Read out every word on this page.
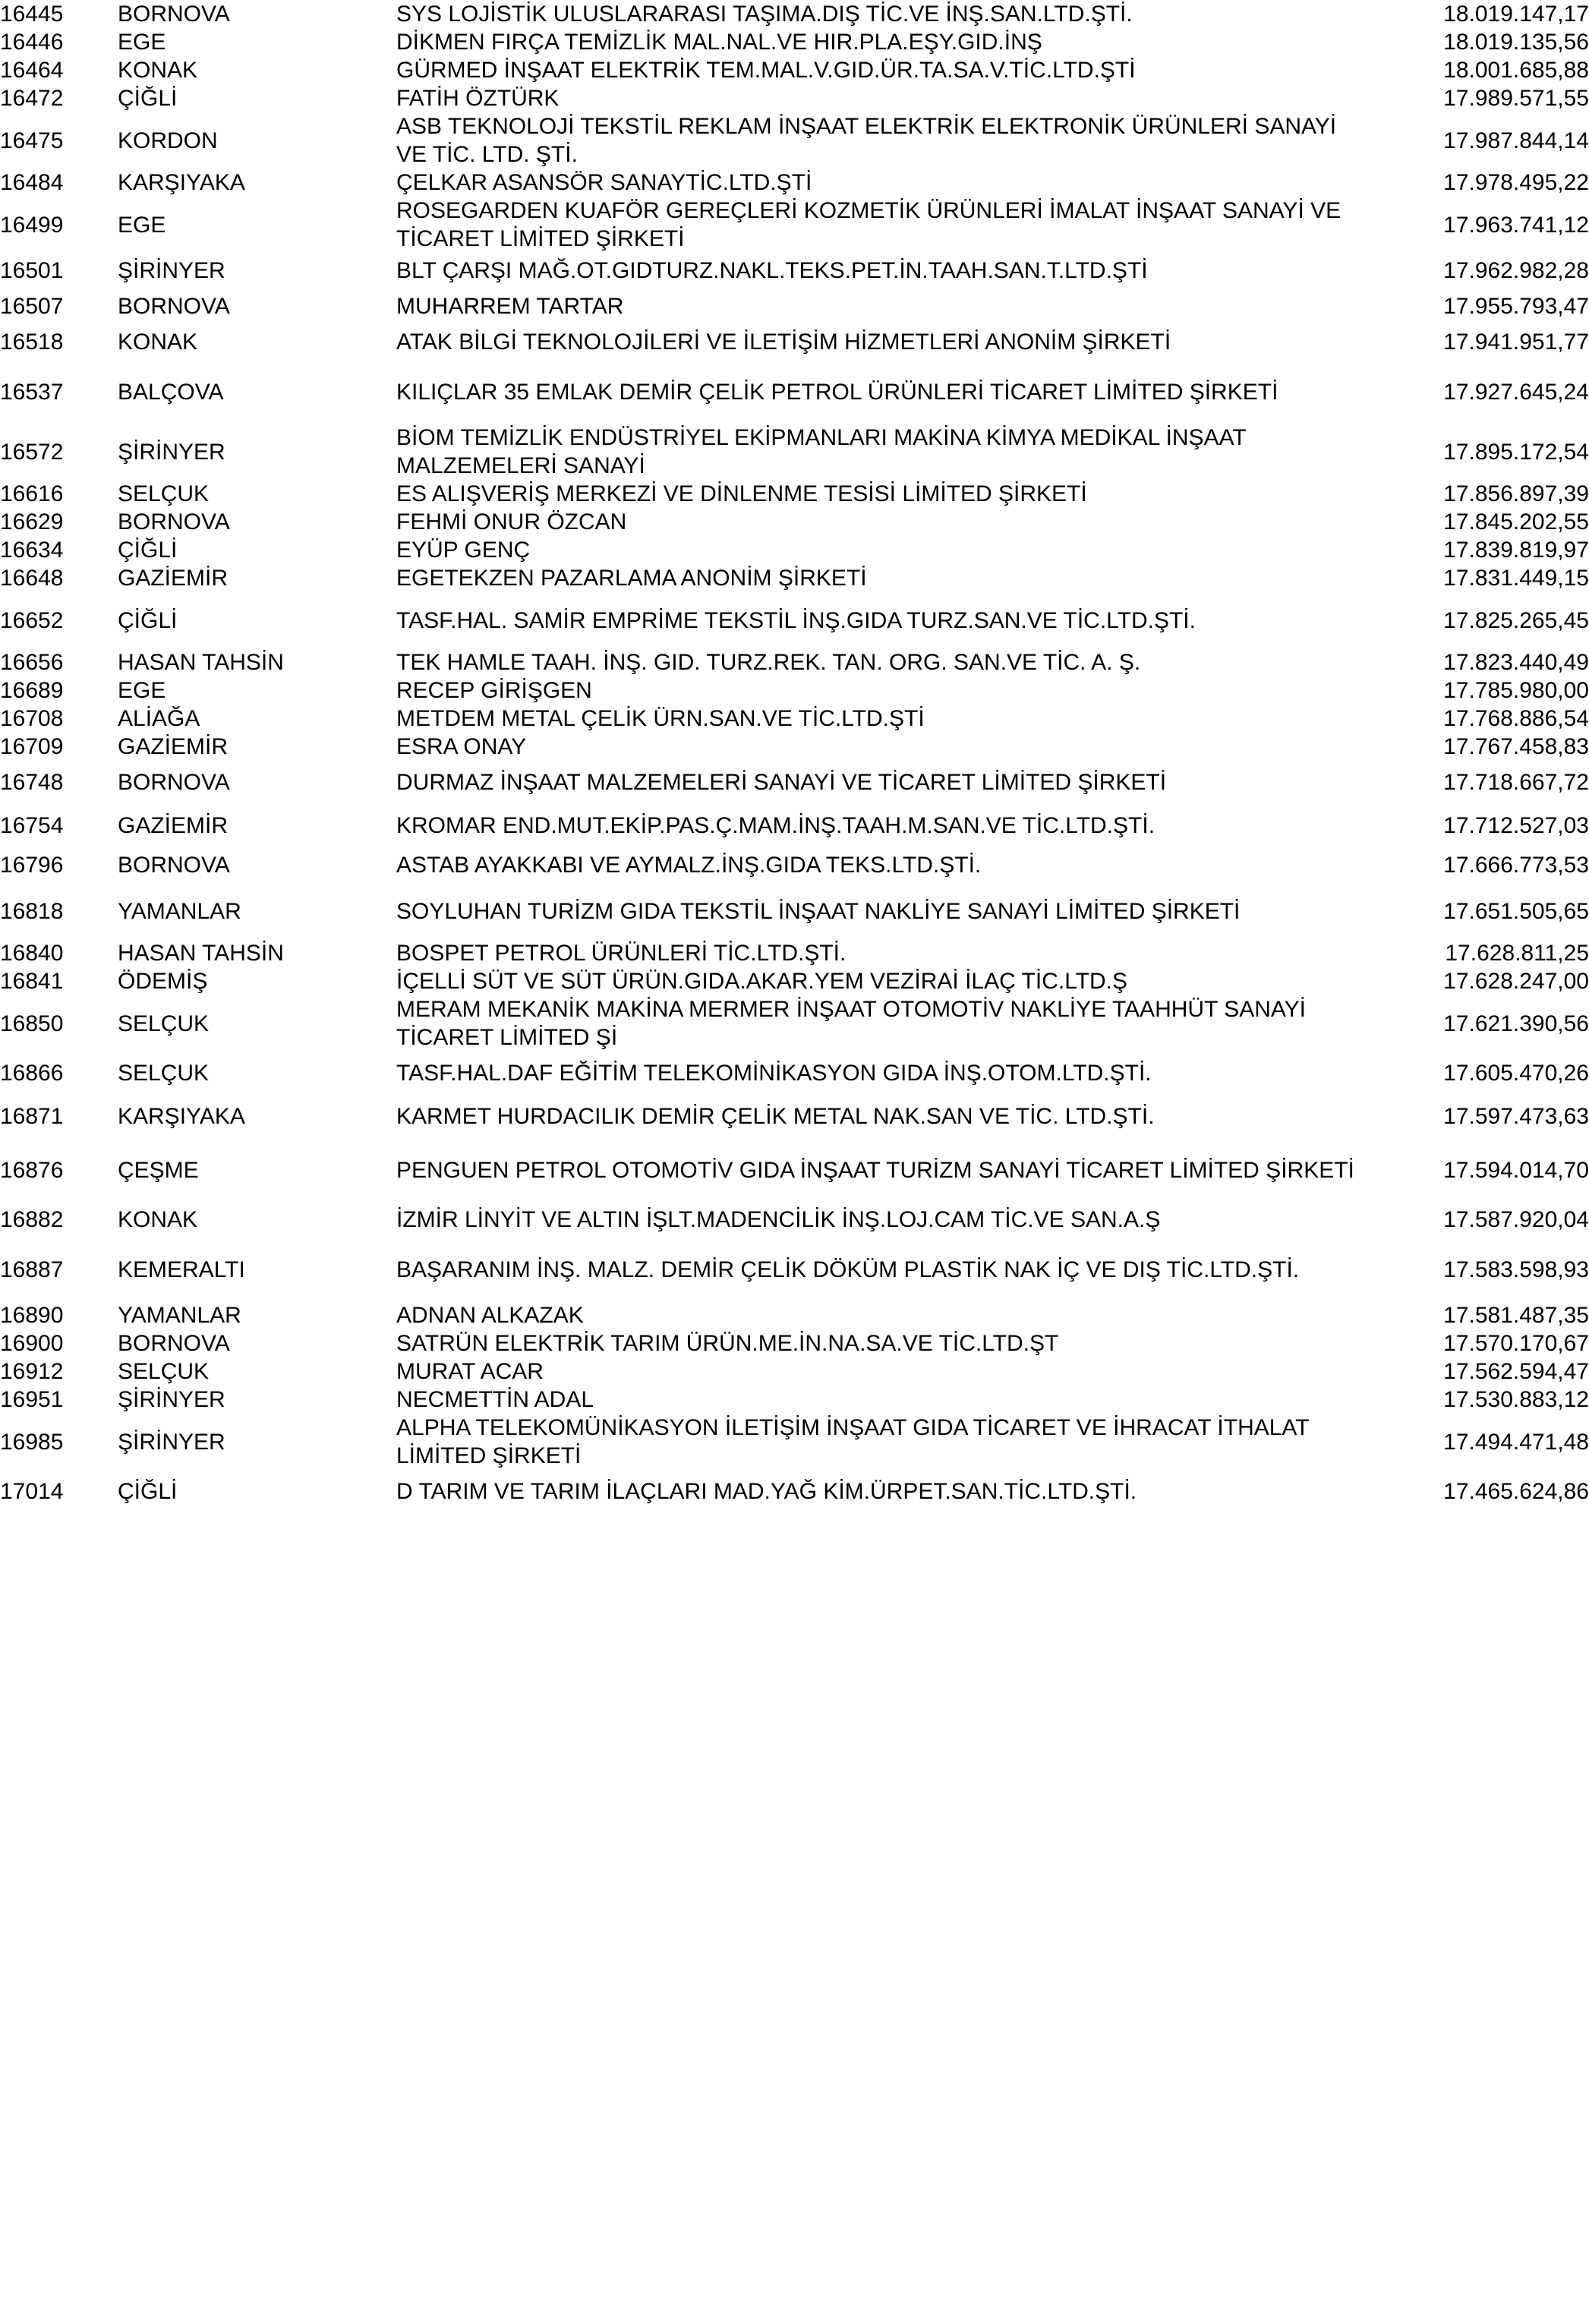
16445	BORNOVA	SYS LOJİSTİK ULUSLARARASI TAŞIMA.DIŞ TİC.VE İNŞ.SAN.LTD.ŞTİ.	18.019.147,17
16446	EGE	DİKMEN FIRÇA TEMİZLİK MAL.NAL.VE HIR.PLA.EŞY.GID.İNŞ	18.019.135,56
16464	KONAK	GÜRMED İNŞAAT ELEKTRİK TEM.MAL.V.GID.ÜR.TA.SA.V.TİC.LTD.ŞTİ	18.001.685,88
16472	ÇİĞLİ	FATİH ÖZTÜRK	17.989.571,55
16475	KORDON	ASB TEKNOLOJİ TEKSTİL REKLAM İNŞAAT ELEKTRİK ELEKTRONİK ÜRÜNLERİ SANAYİ VE TİC. LTD. ŞTİ.	17.987.844,14
16484	KARŞIYAKA	ÇELKAR ASANSÖR SANAYTİC.LTD.ŞTİ	17.978.495,22
16499	EGE	ROSEGARDEN KUAFÖR GEREÇLERİ KOZMETİK ÜRÜNLERİ İMALAT İNŞAAT SANAYİ VE TİCARET LİMİTED ŞİRKETİ	17.963.741,12
16501	ŞİRİNYER	BLT ÇARŞI MAĞ.OT.GIDTURZ.NAKL.TEKS.PET.İN.TAAH.SAN.T.LTD.ŞTİ	17.962.982,28
16507	BORNOVA	MUHARREM TARTAR	17.955.793,47
16518	KONAK	ATAK BİLGİ TEKNOLOJİLERİ VE İLETİŞİM HİZMETLERİ ANONİM ŞİRKETİ	17.941.951,77
16537	BALÇOVA	KILIÇLAR 35 EMLAK DEMİR ÇELİK PETROL ÜRÜNLERİ TİCARET LİMİTED ŞİRKETİ	17.927.645,24
16572	ŞİRİNYER	BİOM TEMİZLİK ENDÜSTRİYEL EKİPMANLARI MAKİNA KİMYA MEDİKAL İNŞAAT MALZEMELERİ SANAYİ	17.895.172,54
16616	SELÇUK	ES ALIŞVERİŞ MERKEZİ VE DİNLENME TESİSİ LİMİTED ŞİRKETİ	17.856.897,39
16629	BORNOVA	FEHMİ ONUR ÖZCAN	17.845.202,55
16634	ÇİĞLİ	EYÜP GENÇ	17.839.819,97
16648	GAZİEMİR	EGETEKZEN PAZARLAMA ANONİM ŞİRKETİ	17.831.449,15
16652	ÇİĞLİ	TASF.HAL. SAMİR EMPRİME TEKSTİL İNŞ.GIDA TURZ.SAN.VE TİC.LTD.ŞTİ.	17.825.265,45
16656	HASAN TAHSİN	TEK HAMLE TAAH. İNŞ. GID. TURZ.REK. TAN. ORG. SAN.VE TİC. A. Ş.	17.823.440,49
16689	EGE	RECEP GİRİŞGEN	17.785.980,00
16708	ALİAĞA	METDEM METAL ÇELİK ÜRN.SAN.VE TİC.LTD.ŞTİ	17.768.886,54
16709	GAZİEMİR	ESRA ONAY	17.767.458,83
16748	BORNOVA	DURMAZ İNŞAAT MALZEMELERİ SANAYİ VE TİCARET LİMİTED ŞİRKETİ	17.718.667,72
16754	GAZİEMİR	KROMAR END.MUT.EKİP.PAS.Ç.MAM.İNŞ.TAAH.M.SAN.VE TİC.LTD.ŞTİ.	17.712.527,03
16796	BORNOVA	ASTAB AYAKKABI VE AYMALZ.İNŞ.GIDA TEKS.LTD.ŞTİ.	17.666.773,53
16818	YAMANLAR	SOYLUHAN TURİZM GIDA TEKSTİL İNŞAAT NAKLİYE SANAYİ LİMİTED ŞİRKETİ	17.651.505,65
16840	HASAN TAHSİN	BOSPET PETROL ÜRÜNLERİ TİC.LTD.ŞTİ.	17.628.811,25
16841	ÖDEMİŞ	İÇELLİ SÜT VE SÜT ÜRÜN.GIDA.AKAR.YEM VEZİRAİ İLAÇ TİC.LTD.Ş	17.628.247,00
16850	SELÇUK	MERAM MEKANİK MAKİNA MERMER İNŞAAT OTOMOTİV NAKLİYE TAAHHÜT SANAYİ TİCARET LİMİTED Şİ	17.621.390,56
16866	SELÇUK	TASF.HAL.DAF EĞİTİM TELEKOMİNİKASYON GIDA İNŞ.OTOM.LTD.ŞTİ.	17.605.470,26
16871	KARŞIYAKA	KARMET HURDACILIK DEMİR ÇELİK METAL NAK.SAN VE TİC. LTD.ŞTİ.	17.597.473,63
16876	ÇEŞME	PENGUEN PETROL OTOMOTİV GIDA İNŞAAT TURİZM SANAYİ TİCARET LİMİTED ŞİRKETİ	17.594.014,70
16882	KONAK	İZMİR LİNYİT VE ALTIN İŞLT.MADENCİLİK İNŞ.LOJ.CAM TİC.VE SAN.A.Ş	17.587.920,04
16887	KEMERALTI	BAŞARANIM İNŞ. MALZ. DEMİR ÇELİK DÖKÜM PLASTİK NAK İÇ VE DIŞ TİC.LTD.ŞTİ.	17.583.598,93
16890	YAMANLAR	ADNAN ALKAZAK	17.581.487,35
16900	BORNOVA	SATRÜN ELEKTRİK TARIM ÜRÜN.ME.İN.NA.SA.VE TİC.LTD.ŞT	17.570.170,67
16912	SELÇUK	MURAT ACAR	17.562.594,47
16951	ŞİRİNYER	NECMETTİN ADAL	17.530.883,12
16985	ŞİRİNYER	ALPHA TELEKOMÜNİKASYON İLETİŞİM İNŞAAT GIDA TİCARET VE İHRACAT İTHALAT LİMİTED ŞİRKETİ	17.494.471,48
17014	ÇİĞLİ	D TARIM VE TARIM İLAÇLARI MAD.YAĞ KİM.ÜRPET.SAN.TİC.LTD.ŞTİ.	17.465.624,86
